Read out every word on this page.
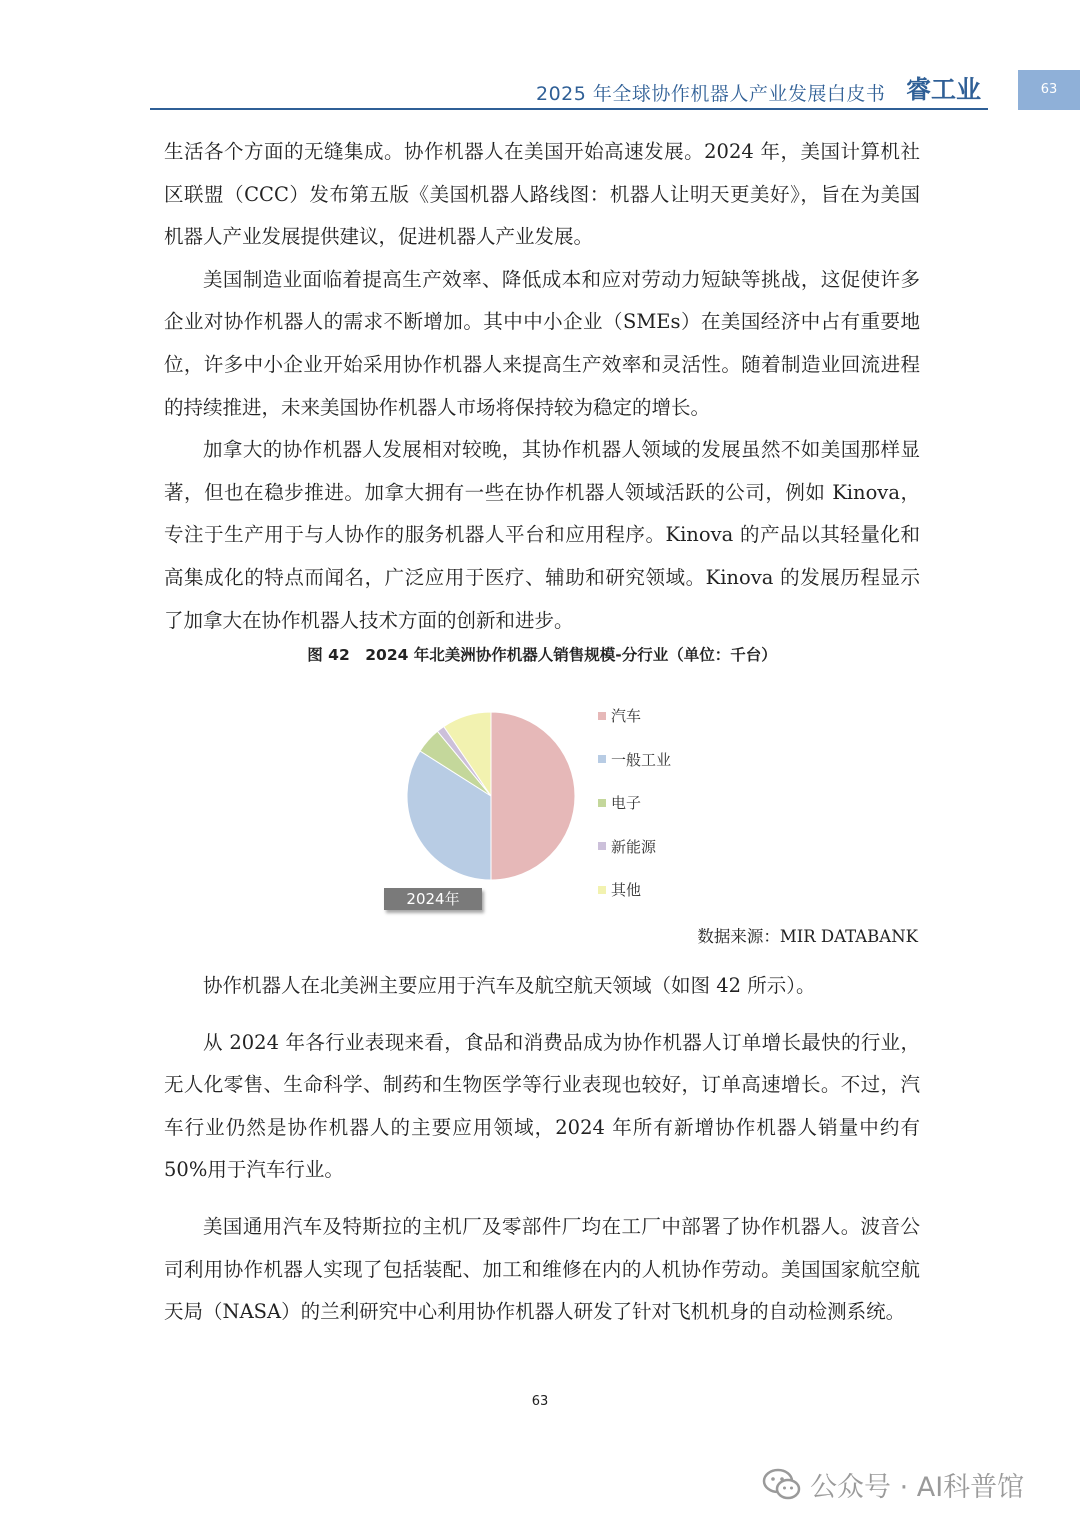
2025 年全球协作机器人产业发展白皮书 睿工业	63

生活各个方面的无缝集成。协作机器人在美国开始高速发展。2024 年，美国计算机社区联盟（CCC）发布第五版《美国机器人路线图：机器人让明天更美好》，旨在为美国机器人产业发展提供建议，促进机器人产业发展。

美国制造业面临着提高生产效率、降低成本和应对劳动力短缺等挑战，这促使许多企业对协作机器人的需求不断增加。其中中小企业（SMEs）在美国经济中占有重要地位，许多中小企业开始采用协作机器人来提高生产效率和灵活性。随着制造业回流进程的持续推进，未来美国协作机器人市场将保持较为稳定的增长。

加拿大的协作机器人发展相对较晚，其协作机器人领域的发展虽然不如美国那样显著，但也在稳步推进。加拿大拥有一些在协作机器人领域活跃的公司，例如 Kinova，专注于生产用于与人协作的服务机器人平台和应用程序。Kinova 的产品以其轻量化和高集成化的特点而闻名，广泛应用于医疗、辅助和研究领域。Kinova 的发展历程显示了加拿大在协作机器人技术方面的创新和进步。

图 42　2024 年北美洲协作机器人销售规模-分行业（单位：千台）
汽车
一般工业
电子
新能源
其他
2024年
数据来源：MIR DATABANK

协作机器人在北美洲主要应用于汽车及航空航天领域（如图 42 所示）。

从 2024 年各行业表现来看，食品和消费品成为协作机器人订单增长最快的行业，无人化零售、生命科学、制药和生物医学等行业表现也较好，订单高速增长。不过，汽车行业仍然是协作机器人的主要应用领域，2024 年所有新增协作机器人销量中约有 50%用于汽车行业。

美国通用汽车及特斯拉的主机厂及零部件厂均在工厂中部署了协作机器人。波音公司利用协作机器人实现了包括装配、加工和维修在内的人机协作劳动。美国国家航空航天局（NASA）的兰利研究中心利用协作机器人研发了针对飞机机身的自动检测系统。

63
公众号 · AI科普馆
